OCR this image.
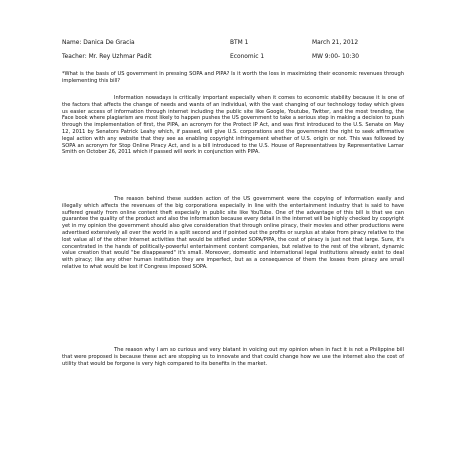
Name: Danica De Gracia	BTM 1	March 21, 2012
Teacher: Mr. Rey Uzhmar Padit	Economic 1	MW 9:00- 10:30
*What is the basis of US government in pressing SOPA and PIPA? Is it worth the loss in maximizing their economic revenues through implementing this bill?
Information nowadays is critically important especially when it comes to economic stability because it is one of the factors that affects the change of needs and wants of an individual, with the vast changing of our technology today which gives us easier access of information through internet including the public site like Google, Youtube, Twitter, and the most trending, the Face book where plagiarism are most likely to happen pushes the US government to take a serious step in making a decision to push through the implementation of first, the PIPA, an acronym for the Protect IP Act, and was first introduced to the U.S. Senate on May 12, 2011 by Senators Patrick Leahy which, if passed, will give U.S. corporations and the government the right to seek affirmative legal action with any website that they see as enabling copyright infringement whether of U.S. origin or not. This was followed by SOPA an acronym for Stop Online Piracy Act, and is a bill introduced to the U.S. House of Representatives by Representative Lamar Smith on October 26, 2011 which if passed will work in conjunction with PIPA.
The reason behind these sudden action of the US government were the copying of information easily and illegally which affects the revenues of the big corporations especially in line with the entertainment industry that is said to have suffered greatly from online content theft especially in public site like YouTube. One of the advantage of this bill is that we can guarantee the quality of the product and also the information because every detail in the internet will be highly checked by copyright yet in my opinion the government should also give consideration that through online piracy, their movies and other productions were advertised extensively all over the world in a split second and if pointed out the profits or surplus at stake from piracy relative to the lost value all of the other Internet activities that would be stifled under SOPA/PIPA, the cost of piracy is just not that large. Sure, it's concentrated in the hands of politically-powerful entertainment content companies, but relative to the rest of the vibrant, dynamic value creation that would "be disappeared" it's small. Moreover, domestic and international legal institutions already exist to deal with piracy; like any other human institution they are imperfect, but as a consequence of them the losses from piracy are small relative to what would be lost if Congress imposed SOPA.
The reason why I am so curious and very blatant in voicing out my opinion when in fact it is not a Philippine bill that were proposed is because these act are stopping us to innovate and that could change how we use the internet also the cost of utility that would be forgone is very high compared to its benefits in the market.
